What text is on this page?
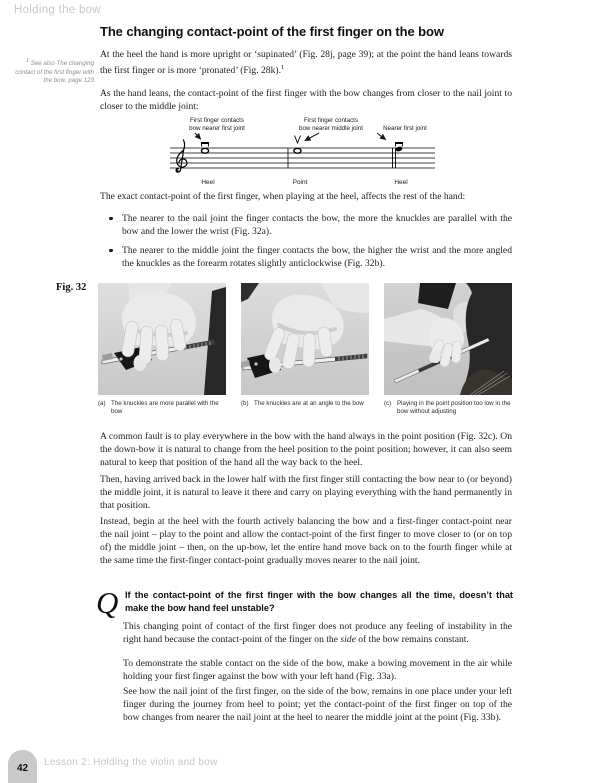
Holding the bow
The changing contact-point of the first finger on the bow
$^1$ See also The changing contact of the first finger with the bow, page 123

At the heel the hand is more upright or ‘supinated’ (Fig. 28j, page 39); at the point the hand leans towards the first finger or is more ‘pronated’ (Fig. 28k).$^1$

As the hand leans, the contact-point of the first finger with the bow changes from closer to the nail joint to closer to the middle joint:

First finger contacts
bow nearer first joint
First finger contacts
bow nearer middle joint	Nearer first joint
Heel	Point	Heel

The exact contact-point of the first finger, when playing at the heel, affects the rest of the hand:

The nearer to the nail joint the finger contacts the bow, the more the knuckles are parallel with the bow and the lower the wrist (Fig. 32a).
The nearer to the middle joint the finger contacts the bow, the higher the wrist and the more angled the knuckles as the forearm rotates slightly anticlockwise (Fig. 32b).
Fig. 32
(a) The knuckles are more parallel with the bow
(b) The knuckles are at an angle to the bow	(c) Playing in the point position too low in the bow without adjusting

A common fault is to play everywhere in the bow with the hand always in the point position (Fig. 32c). On the down-bow it is natural to change from the heel position to the point position; however, it can also seem natural to keep that position of the hand all the way back to the heel.

Then, having arrived back in the lower half with the first finger still contacting the bow near to (or beyond) the middle joint, it is natural to leave it there and carry on playing everything with the hand permanently in that position.

Instead, begin at the heel with the fourth actively balancing the bow and a first-finger contact-point near the nail joint – play to the point and allow the contact-point of the first finger to move closer to (or on top of) the middle joint – then, on the up-bow, let the entire hand move back on to the fourth finger while at the same time the first-finger contact-point gradually moves nearer to the nail joint.

Q If the contact-point of the first finger with the bow changes all the time, doesn’t that make the bow hand feel unstable?

This changing point of contact of the first finger does not produce any feeling of instability in the right hand because the contact-point of the finger on the side of the bow remains constant.

To demonstrate the stable contact on the side of the bow, make a bowing movement in the air while holding your first finger against the bow with your left hand (Fig. 33a).

See how the nail joint of the first finger, on the side of the bow, remains in one place under your left finger during the journey from heel to point; yet the contact-point of the first finger on top of the bow changes from nearer the nail joint at the heel to nearer the middle joint at the point (Fig. 33b).

42
Lesson 2: Holding the violin and bow
